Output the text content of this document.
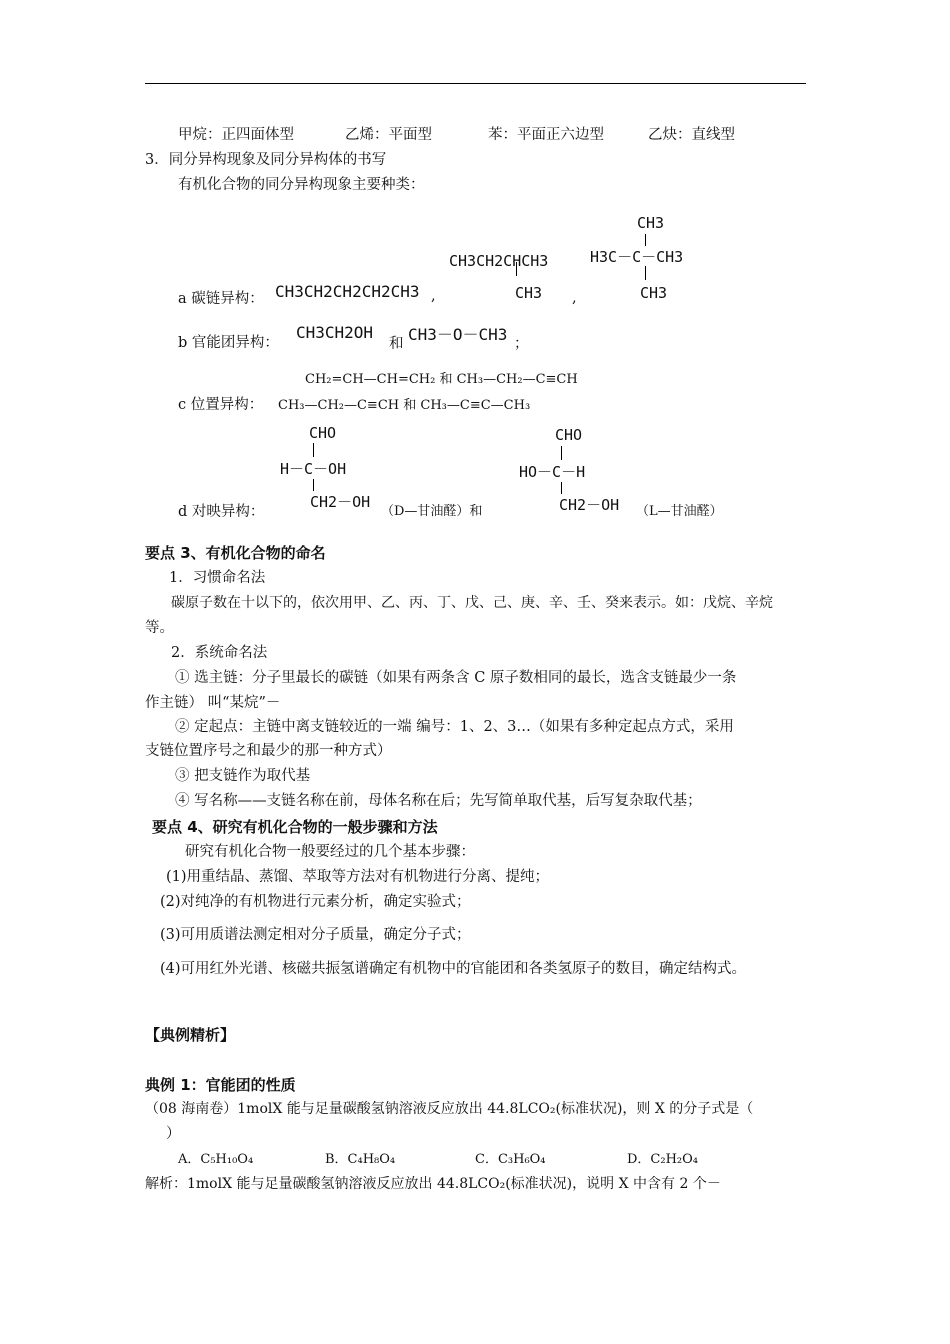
甲烷：正四面体型	乙烯：平面型	苯：平面正六边型	乙炔：直线型
3．同分异构现象及同分异构体的书写
有机化合物的同分异构现象主要种类：
CH3
CH3CH2CHCH3	H3C－C－CH3
CH3CH2CH2CH2CH3 ,	CH3 ,	CH3
a 碳链异构：
CH3CH2OH
b 官能团异构：	和 CH3－O－CH3 ；
CH₂=CH—CH=CH₂ 和 CH₃—CH₂—C≡CH
c 位置异构： CH₃—CH₂—C≡CH 和 CH₃—C≡C—CH₃
CHO	CHO
H－C－OH	HO－C－H
CH2－OH	CH2－OH
d 对映异构：	（D—甘油醛）和	（L—甘油醛）
要点 3、有机化合物的命名
1．习惯命名法
碳原子数在十以下的，依次用甲、乙、丙、丁、戊、己、庚、辛、壬、癸来表示。如：戊烷、辛烷
等。
2．系统命名法
① 选主链：分子里最长的碳链（如果有两条含 C 原子数相同的最长，选含支链最少一条
作主链） 叫“某烷”－
② 定起点：主链中离支链较近的一端 编号：1、2、3…（如果有多种定起点方式，采用
支链位置序号之和最少的那一种方式）
③ 把支链作为取代基
④ 写名称——支链名称在前，母体名称在后；先写简单取代基，后写复杂取代基；
要点 4、研究有机化合物的一般步骤和方法
研究有机化合物一般要经过的几个基本步骤：
(1)用重结晶、蒸馏、萃取等方法对有机物进行分离、提纯；
(2)对纯净的有机物进行元素分析，确定实验式；
(3)可用质谱法测定相对分子质量，确定分子式；
(4)可用红外光谱、核磁共振氢谱确定有机物中的官能团和各类氢原子的数目，确定结构式。
【典例精析】
典例 1：官能团的性质
（08 海南卷）1molX 能与足量碳酸氢钠溶液反应放出 44.8LCO₂(标准状况)，则 X 的分子式是（
）
A．C₅H₁₀O₄	B．C₄H₈O₄	C．C₃H₆O₄	D．C₂H₂O₄
解析：1molX 能与足量碳酸氢钠溶液反应放出 44.8LCO₂(标准状况)，说明 X 中含有 2 个－
